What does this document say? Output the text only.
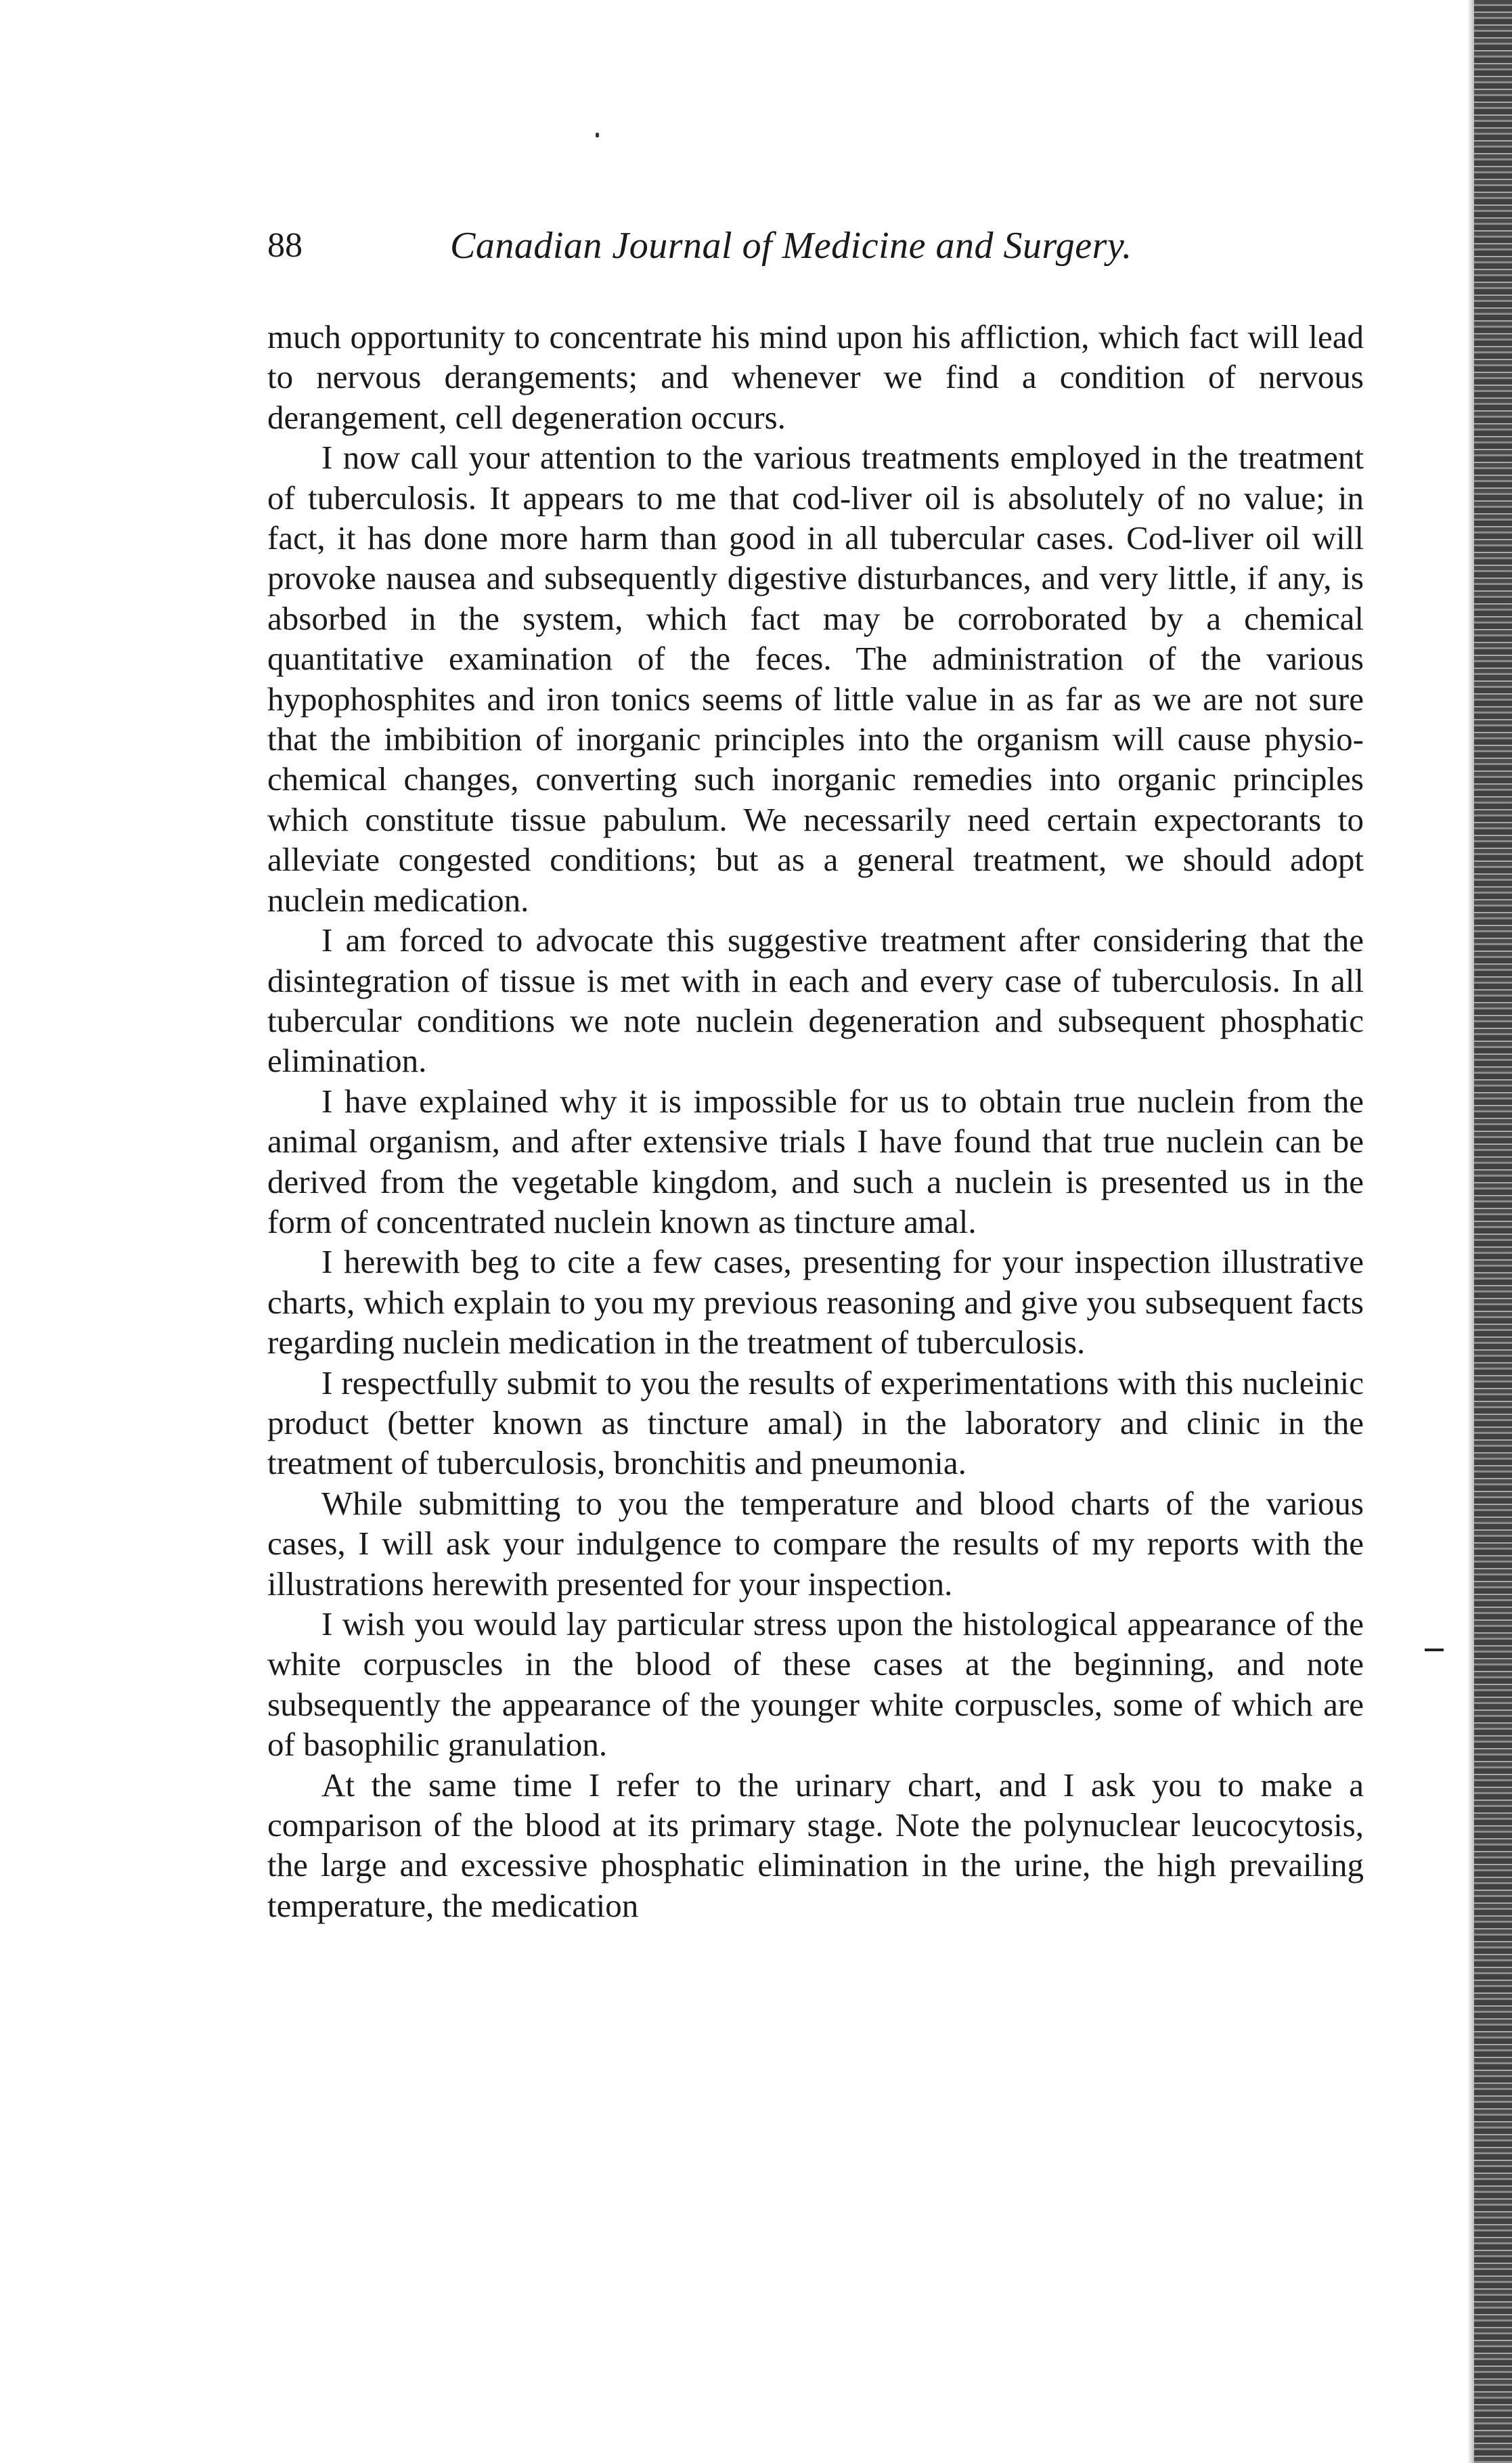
88	Canadian Journal of Medicine and Surgery.

much opportunity to concentrate his mind upon his affliction, which fact will lead to nervous derangements; and whenever we find a condition of nervous derangement, cell degeneration occurs.

I now call your attention to the various treatments employed in the treatment of tuberculosis. It appears to me that cod-liver oil is absolutely of no value; in fact, it has done more harm than good in all tubercular cases. Cod-liver oil will provoke nausea and subsequently digestive disturbances, and very little, if any, is absorbed in the system, which fact may be corroborated by a chemical quantitative examination of the feces. The administration of the various hypophosphites and iron tonics seems of little value in as far as we are not sure that the imbibition of inorganic principles into the organism will cause physio-chemical changes, converting such inorganic remedies into organic principles which constitute tissue pabulum. We necessarily need certain expectorants to alleviate congested conditions; but as a general treatment, we should adopt nuclein medication.

I am forced to advocate this suggestive treatment after considering that the disintegration of tissue is met with in each and every case of tuberculosis. In all tubercular conditions we note nuclein degeneration and subsequent phosphatic elimination.

I have explained why it is impossible for us to obtain true nuclein from the animal organism, and after extensive trials I have found that true nuclein can be derived from the vegetable kingdom, and such a nuclein is presented us in the form of concentrated nuclein known as tincture amal.

I herewith beg to cite a few cases, presenting for your inspection illustrative charts, which explain to you my previous reasoning and give you subsequent facts regarding nuclein medication in the treatment of tuberculosis.

I respectfully submit to you the results of experimentations with this nucleinic product (better known as tincture amal) in the laboratory and clinic in the treatment of tuberculosis, bronchitis and pneumonia.

While submitting to you the temperature and blood charts of the various cases, I will ask your indulgence to compare the results of my reports with the illustrations herewith presented for your inspection.

I wish you would lay particular stress upon the histological appearance of the white corpuscles in the blood of these cases at the beginning, and note subsequently the appearance of the younger white corpuscles, some of which are of basophilic granulation.

At the same time I refer to the urinary chart, and I ask you to make a comparison of the blood at its primary stage. Note the polynuclear leucocytosis, the large and excessive phosphatic elimination in the urine, the high prevailing temperature, the medication
